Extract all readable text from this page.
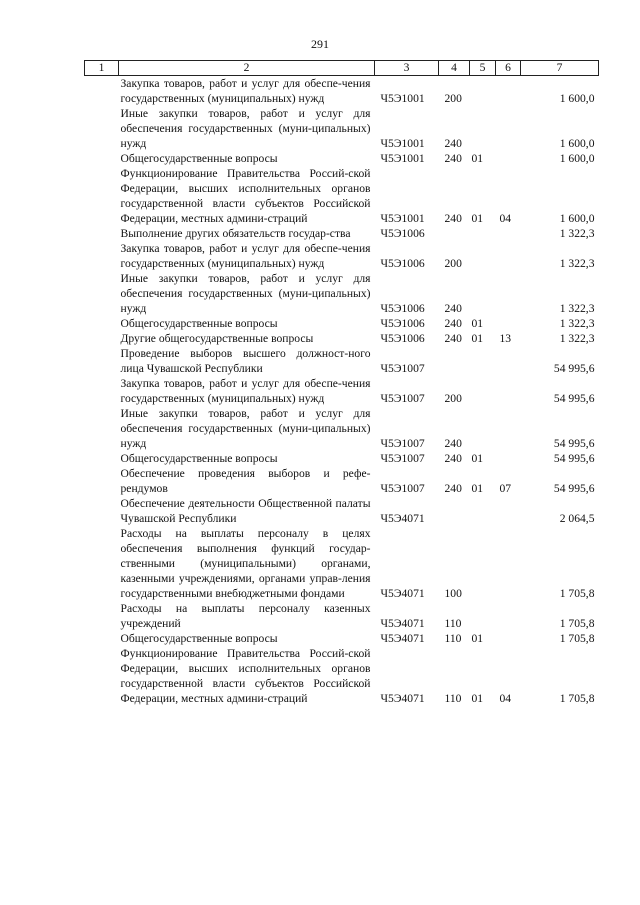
291
1	2	3	4	5	6	7
	Закупка товаров, работ и услуг для обеспе-чения государственных (муниципальных) нужд	Ч5Э1001	200			1 600,0
	Иные закупки товаров, работ и услуг для обеспечения государственных (муни-ципальных) нужд	Ч5Э1001	240			1 600,0
	Общегосударственные вопросы	Ч5Э1001	240	01		1 600,0
	Функционирование Правительства Россий-ской Федерации, высших исполнительных органов государственной власти субъектов Российской Федерации, местных админи-страций	Ч5Э1001	240	01	04	1 600,0
	Выполнение других обязательств государ-ства	Ч5Э1006				1 322,3
	Закупка товаров, работ и услуг для обеспе-чения государственных (муниципальных) нужд	Ч5Э1006	200			1 322,3
	Иные закупки товаров, работ и услуг для обеспечения государственных (муни-ципальных) нужд	Ч5Э1006	240			1 322,3
	Общегосударственные вопросы	Ч5Э1006	240	01		1 322,3
	Другие общегосударственные вопросы	Ч5Э1006	240	01	13	1 322,3
	Проведение выборов высшего должност-ного лица Чувашской Республики	Ч5Э1007				54 995,6
	Закупка товаров, работ и услуг для обеспе-чения государственных (муниципальных) нужд	Ч5Э1007	200			54 995,6
	Иные закупки товаров, работ и услуг для обеспечения государственных (муни-ципальных) нужд	Ч5Э1007	240			54 995,6
	Общегосударственные вопросы	Ч5Э1007	240	01		54 995,6
	Обеспечение проведения выборов и рефе-рендумов	Ч5Э1007	240	01	07	54 995,6
	Обеспечение деятельности Общественной палаты Чувашской Республики	Ч5Э4071				2 064,5
	Расходы на выплаты персоналу в целях обеспечения выполнения функций государ-ственными (муниципальными) органами, казенными учреждениями, органами управ-ления государственными внебюджетными фондами	Ч5Э4071	100			1 705,8
	Расходы на выплаты персоналу казенных учреждений	Ч5Э4071	110			1 705,8
	Общегосударственные вопросы	Ч5Э4071	110	01		1 705,8
	Функционирование Правительства Россий-ской Федерации, высших исполнительных органов государственной власти субъектов Российской Федерации, местных админи-страций	Ч5Э4071	110	01	04	1 705,8
